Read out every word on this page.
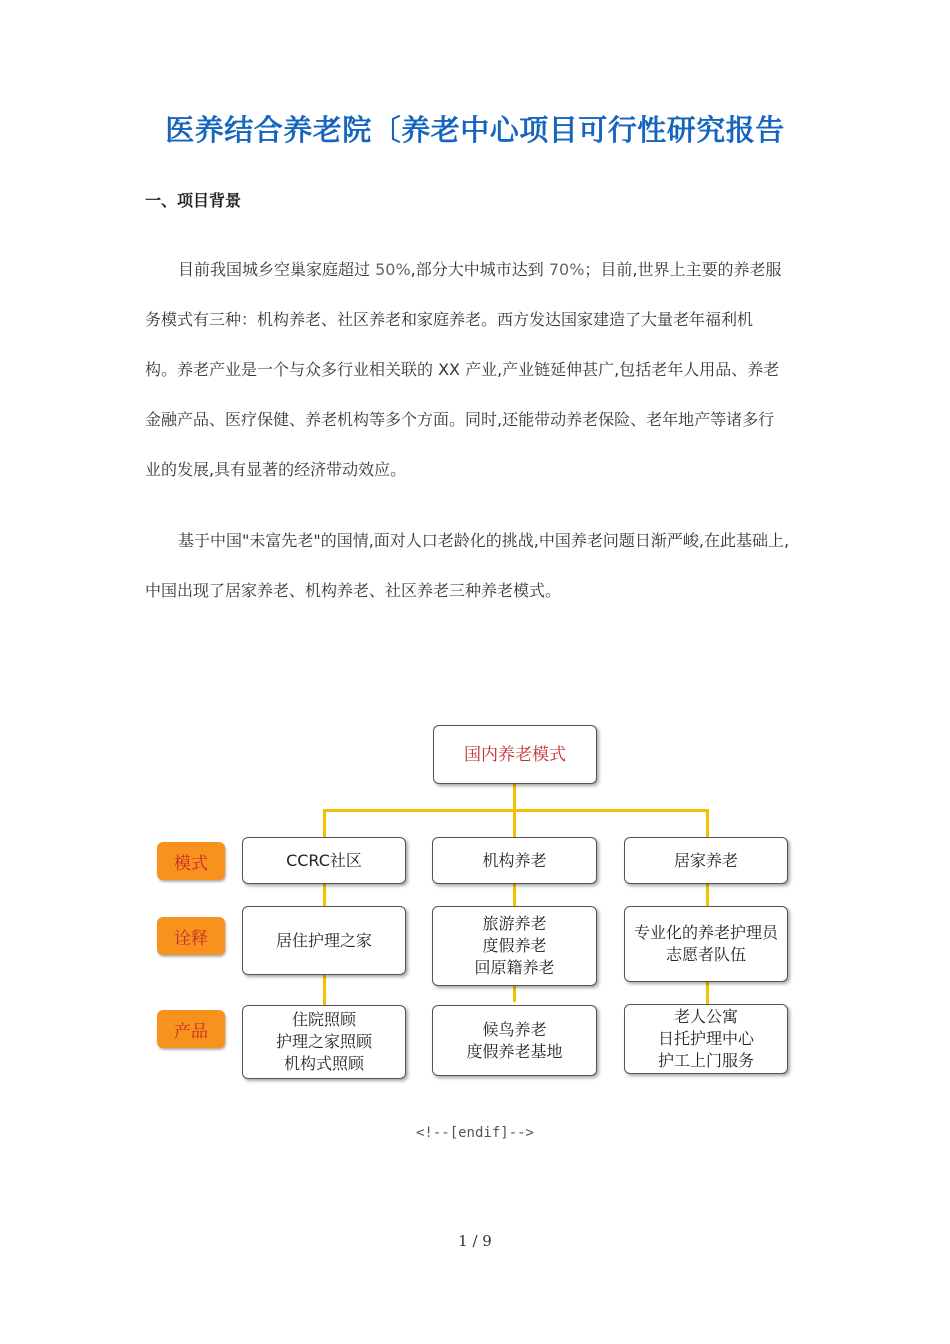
医养结合养老院〔养老中心项目可行性研究报告
一、项目背景
目前我国城乡空巢家庭超过 50%,部分大中城市达到 70%；目前,世界上主要的养老服
务模式有三种：机构养老、社区养老和家庭养老。西方发达国家建造了大量老年福利机
构。养老产业是一个与众多行业相关联的 XX 产业,产业链延伸甚广,包括老年人用品、养老
金融产品、医疗保健、养老机构等多个方面。同时,还能带动养老保险、老年地产等诸多行
业的发展,具有显著的经济带动效应。
基于中国"未富先老"的国情,面对人口老龄化的挑战,中国养老问题日渐严峻,在此基础上,
中国出现了居家养老、机构养老、社区养老三种养老模式。
国内养老模式
模式
诠释
产品
CCRC社区	机构养老	居家养老
居住护理之家
旅游养老
度假养老
回原籍养老
专业化的养老护理员
志愿者队伍
住院照顾
护理之家照顾
机构式照顾
候鸟养老
度假养老基地
老人公寓
日托护理中心
护工上门服务
<!--[endif]-->
1 / 9
